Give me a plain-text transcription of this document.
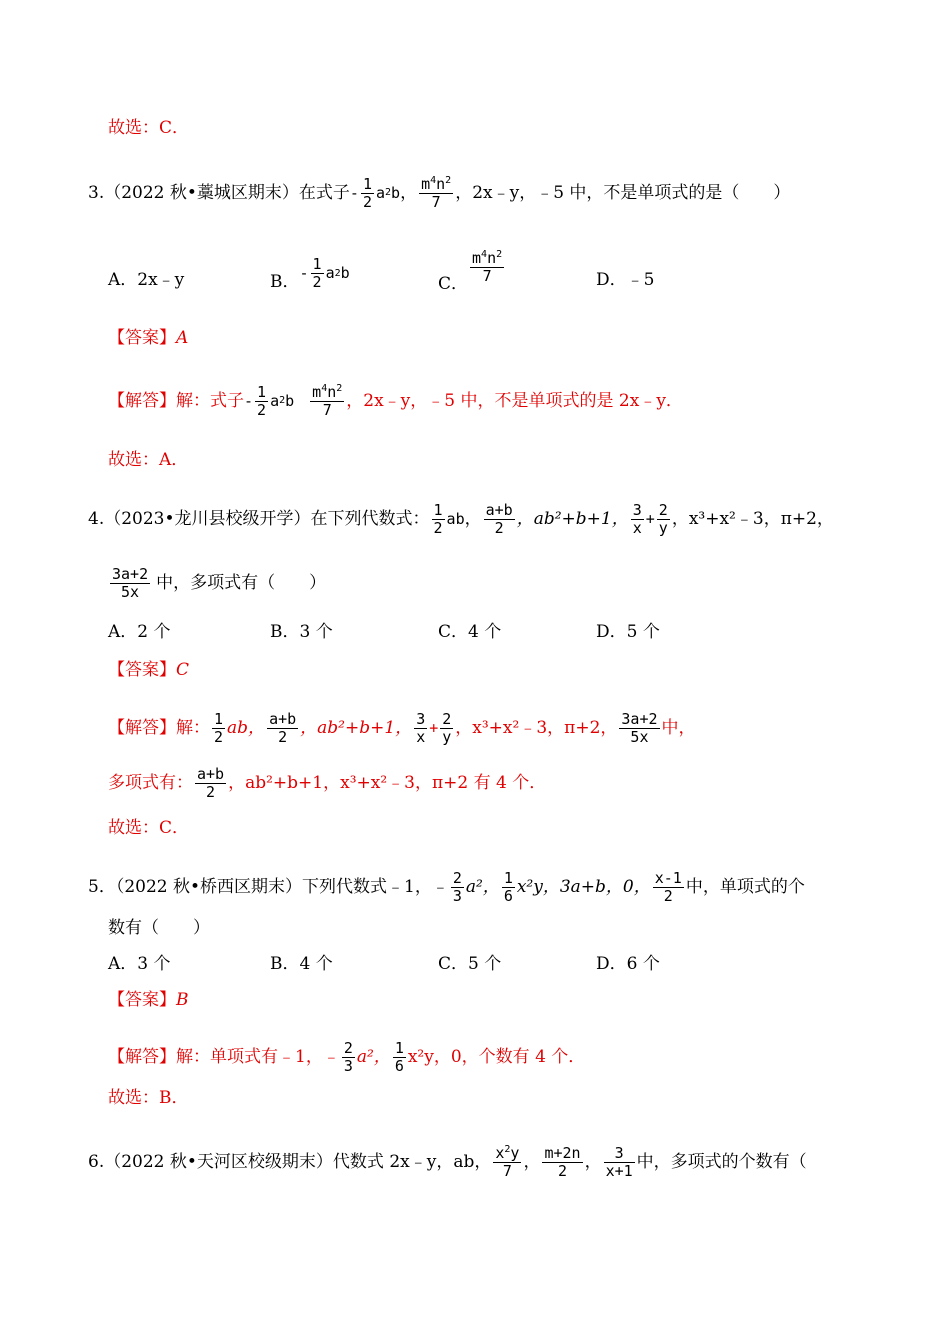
故选：C．
3.（2022 秋•藁城区期末）在式子 - $\frac{1}{2}$ a 2 b ， $\frac{m^4n^2}{7}$ ，2x﹣y，﹣5 中，不是单项式的是（　　）
A．2x﹣y	B． - $\frac{1}{2}$ a 2 b
C． $\frac{m^4n^2}{7}$	D．﹣5
【答案】A
【解答】 解：式子 - $\frac{1}{2}$ a 2 b $\frac{m^4n^2}{7}$ ，2x﹣y，﹣5 中，不是单项式的是 2x﹣y．
故选：A．
4.（2023•龙川县校级开学）在下列代数式： $\frac{1}{2}$ ab ， $\frac{a+b}{2}$ ，ab²+b+1， $\frac{3}{x} + \frac{2}{y}$ ，x³+x²﹣3，π+2，
$\frac{3a+2}{5x}$ 中，多项式有（　　）
A．2 个	B．3 个	C．4 个	D．5 个
【答案】C
【解答】 解： $\frac{1}{2}$ ab， $\frac{a+b}{2}$ ，ab²+b+1， $\frac{3}{x} + \frac{2}{y}$ ，x³+x²﹣3，π+2， $\frac{3a+2}{5x}$ 中，
多项式有： $\frac{a+b}{2}$ ，ab²+b+1，x³+x²﹣3，π+2 有 4 个．
故选：C．
5．（2022 秋•桥西区期末）下列代数式﹣1，﹣ $\frac{2}{3} a^2$， $\frac{1}{6} x^2y$，3a+b，0， $\frac{x-1}{2}$ 中，单项式的个
数有（　　）
A．3 个	B．4 个	C．5 个	D．6 个
【答案】B
【解答】 解：单项式有﹣1，﹣ $\frac{2}{3} a^2$， $\frac{1}{6} x^2y$，0，个数有 4 个．
故选：B．
6.（2022 秋•天河区校级期末）代数式 2x﹣y，ab， $\frac{x^2y}{7}$ ， $\frac{m+2n}{2}$ ， $\frac{3}{x+1}$ 中，多项式的个数有（
